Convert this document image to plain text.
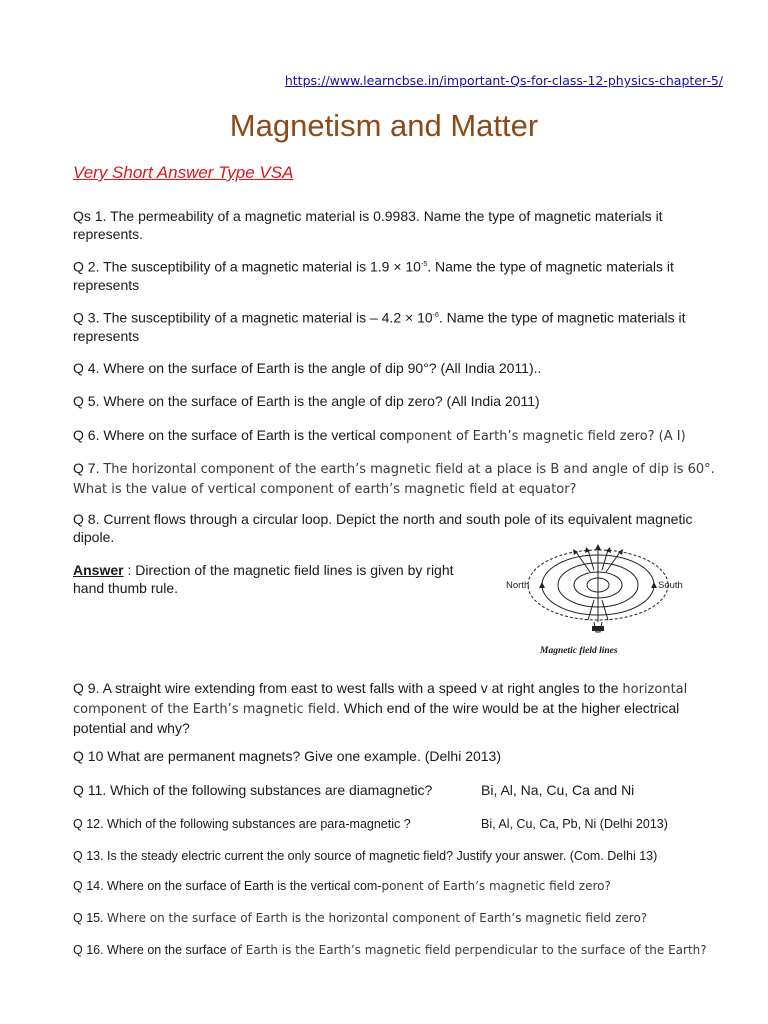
https://www.learncbse.in/important-Qs-for-class-12-physics-chapter-5/
Magnetism and Matter
Very Short Answer Type VSA

Qs 1. The permeability of a magnetic material is 0.9983. Name the type of magnetic materials it represents.

Q 2. The susceptibility of a magnetic material is $1.9 \times 10^{-5}$. Name the type of magnetic materials it represents

Q 3. The susceptibility of a magnetic material is – $4.2 \times 10^{-6}$. Name the type of magnetic materials it represents

Q 4. Where on the surface of Earth is the angle of dip 90°? (All India 2011)..

Q 5. Where on the surface of Earth is the angle of dip zero? (All India 2011)

Q 6. Where on the surface of Earth is the vertical component of Earth’s magnetic field zero? (A I)

Q 7. The horizontal component of the earth’s magnetic field at a place is B and angle of dip is 60°. What is the value of vertical component of earth’s magnetic field at equator?

Q 8. Current flows through a circular loop. Depict the north and south pole of its equivalent magnetic dipole.

Answer : Direction of the magnetic field lines is given by right hand thumb rule.	North	South
Magnetic field lines

Q 9. A straight wire extending from east to west falls with a speed v at right angles to the horizontal component of the Earth’s magnetic field. Which end of the wire would be at the higher electrical potential and why?

Q 10 What are permanent magnets? Give one example. (Delhi 2013)

Q 11. Which of the following substances are diamagnetic?	Bi, Al, Na, Cu, Ca and Ni

Q 12. Which of the following substances are para-magnetic ?	Bi, Al, Cu, Ca, Pb, Ni (Delhi 2013)

Q 13. Is the steady electric current the only source of magnetic field? Justify your answer. (Com. Delhi 13)

Q 14. Where on the surface of Earth is the vertical com-ponent of Earth’s magnetic field zero?

Q 15. Where on the surface of Earth is the horizontal component of Earth’s magnetic field zero?

Q 16. Where on the surface of Earth is the Earth’s magnetic field perpendicular to the surface of the Earth?
